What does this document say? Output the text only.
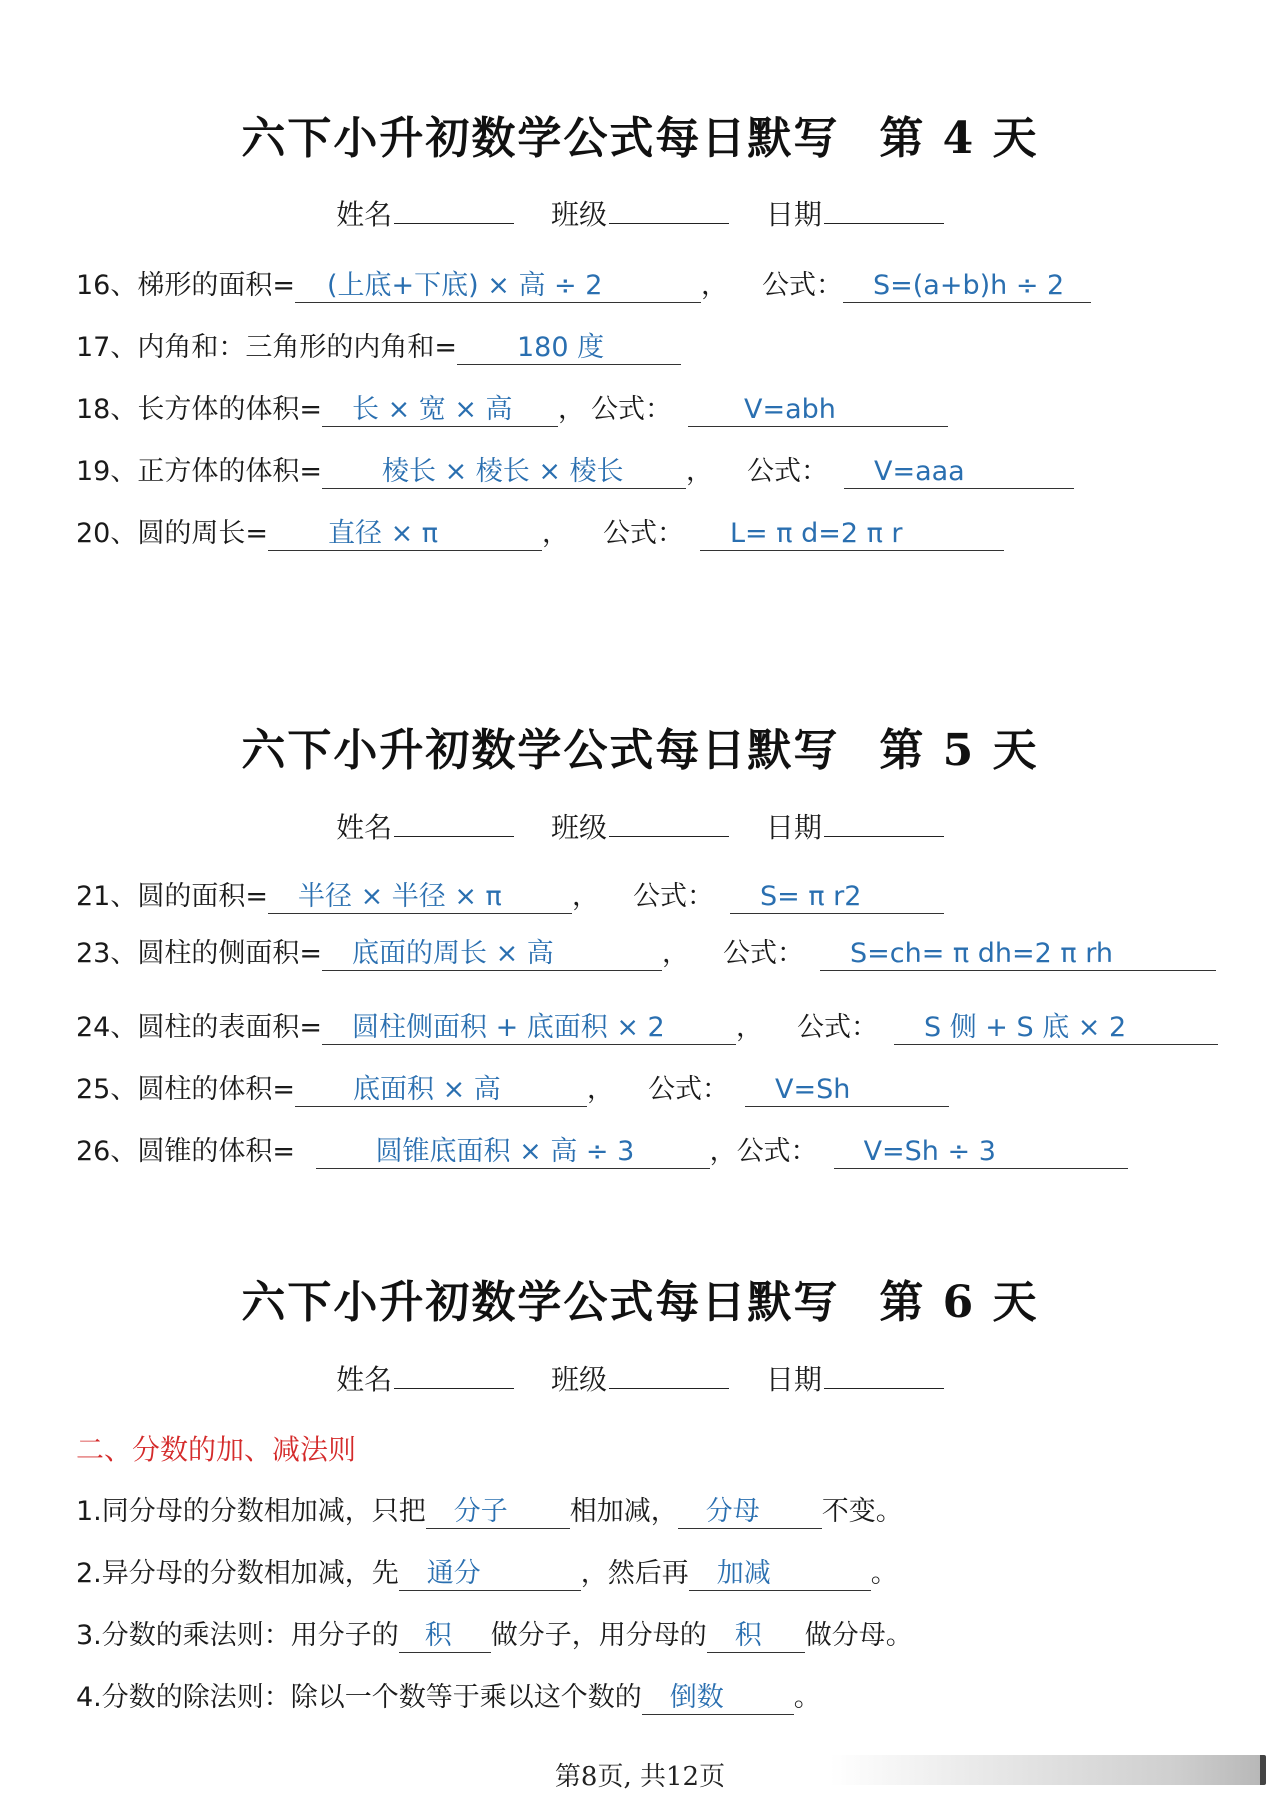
六下小升初数学公式每日默写 第 4 天
姓名	班级	日期
16、梯形的面积= (上底+下底) × 高 ÷ 2	， 公式： S=(a+b)h ÷ 2
17、内角和：三角形的内角和= 180 度
18、长方体的体积= 长 × 宽 × 高 ， 公式：	V=abh
19、正方体的体积= 棱长 × 棱长 × 棱长 ， 公式： V=aaa
20、圆的周长= 直径 × π	， 公式： L= π d=2 π r
六下小升初数学公式每日默写 第 5 天
姓名	班级	日期
21、圆的面积= 半径 × 半径 × π	， 公式： S= π r2
23、圆柱的侧面积= 底面的周长 × 高	， 公式： S=ch= π dh=2 π rh
24、圆柱的表面积= 圆柱侧面积 + 底面积 × 2	， 公式： S 侧 + S 底 × 2
25、圆柱的体积= 底面积 × 高	， 公式： V=Sh
26、圆锥的体积=	圆锥底面积 × 高 ÷ 3	，公式： V=Sh ÷ 3
六下小升初数学公式每日默写 第 6 天
姓名	班级	日期
二、分数的加、减法则
1.同分母的分数相加减，只把 分子 相加减， 分母 不变。
2.异分母的分数相加减，先 通分	，然后再 加减	。
3.分数的乘法则：用分子的 积 做分子，用分母的 积 做分母。
4.分数的除法则：除以一个数等于乘以这个数的 倒数	。
第8页, 共12页
